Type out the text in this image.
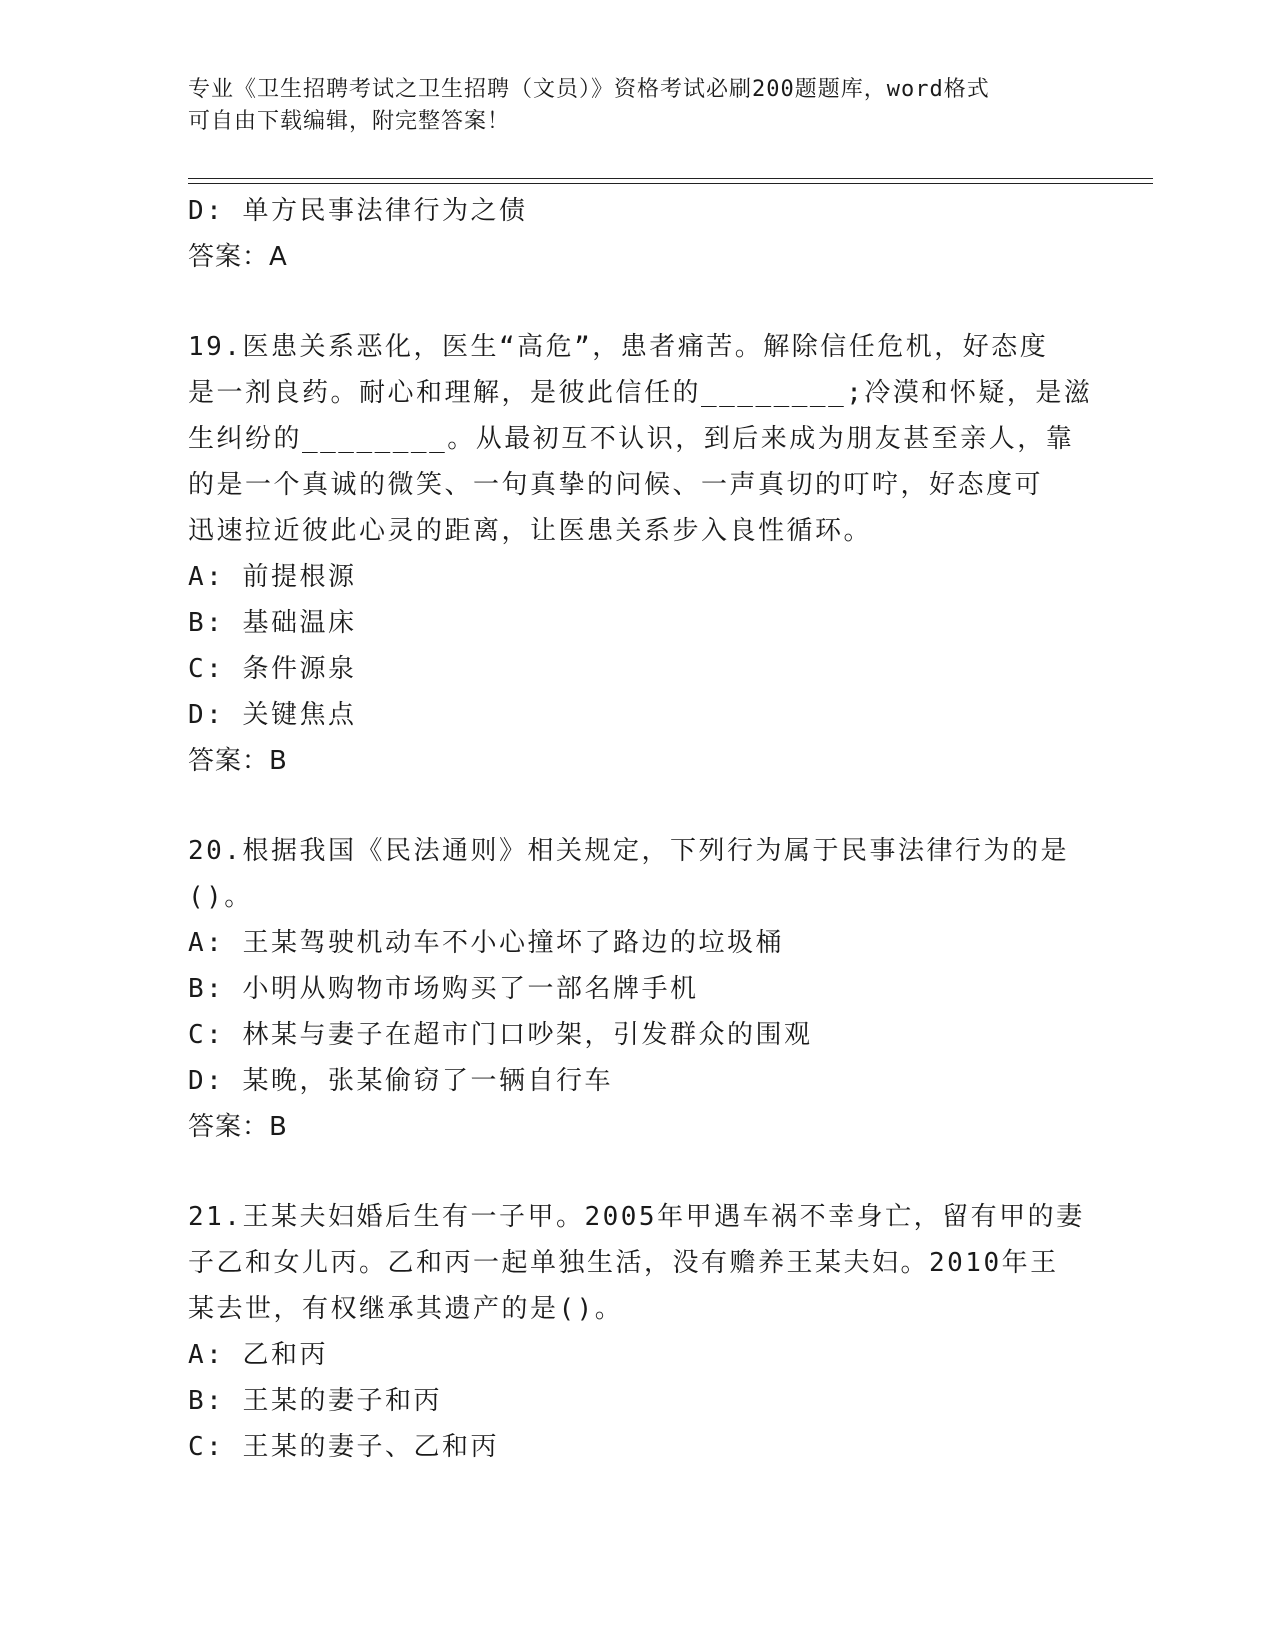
专业《卫生招聘考试之卫生招聘（文员）》资格考试必刷200题题库，word格式
可自由下载编辑，附完整答案！
D: 单方民事法律行为之债
答案：A
19.医患关系恶化，医生“高危”，患者痛苦。解除信任危机，好态度
是一剂良药。耐心和理解，是彼此信任的________;冷漠和怀疑，是滋
生纠纷的________。从最初互不认识，到后来成为朋友甚至亲人，靠
的是一个真诚的微笑、一句真挚的问候、一声真切的叮咛，好态度可
迅速拉近彼此心灵的距离，让医患关系步入良性循环。
A: 前提根源
B: 基础温床
C: 条件源泉
D: 关键焦点
答案：B
20.根据我国《民法通则》相关规定，下列行为属于民事法律行为的是
()。
A: 王某驾驶机动车不小心撞坏了路边的垃圾桶
B: 小明从购物市场购买了一部名牌手机
C: 林某与妻子在超市门口吵架，引发群众的围观
D: 某晚，张某偷窃了一辆自行车
答案：B
21.王某夫妇婚后生有一子甲。2005年甲遇车祸不幸身亡，留有甲的妻
子乙和女儿丙。乙和丙一起单独生活，没有赡养王某夫妇。2010年王
某去世，有权继承其遗产的是()。
A: 乙和丙
B: 王某的妻子和丙
C: 王某的妻子、乙和丙
